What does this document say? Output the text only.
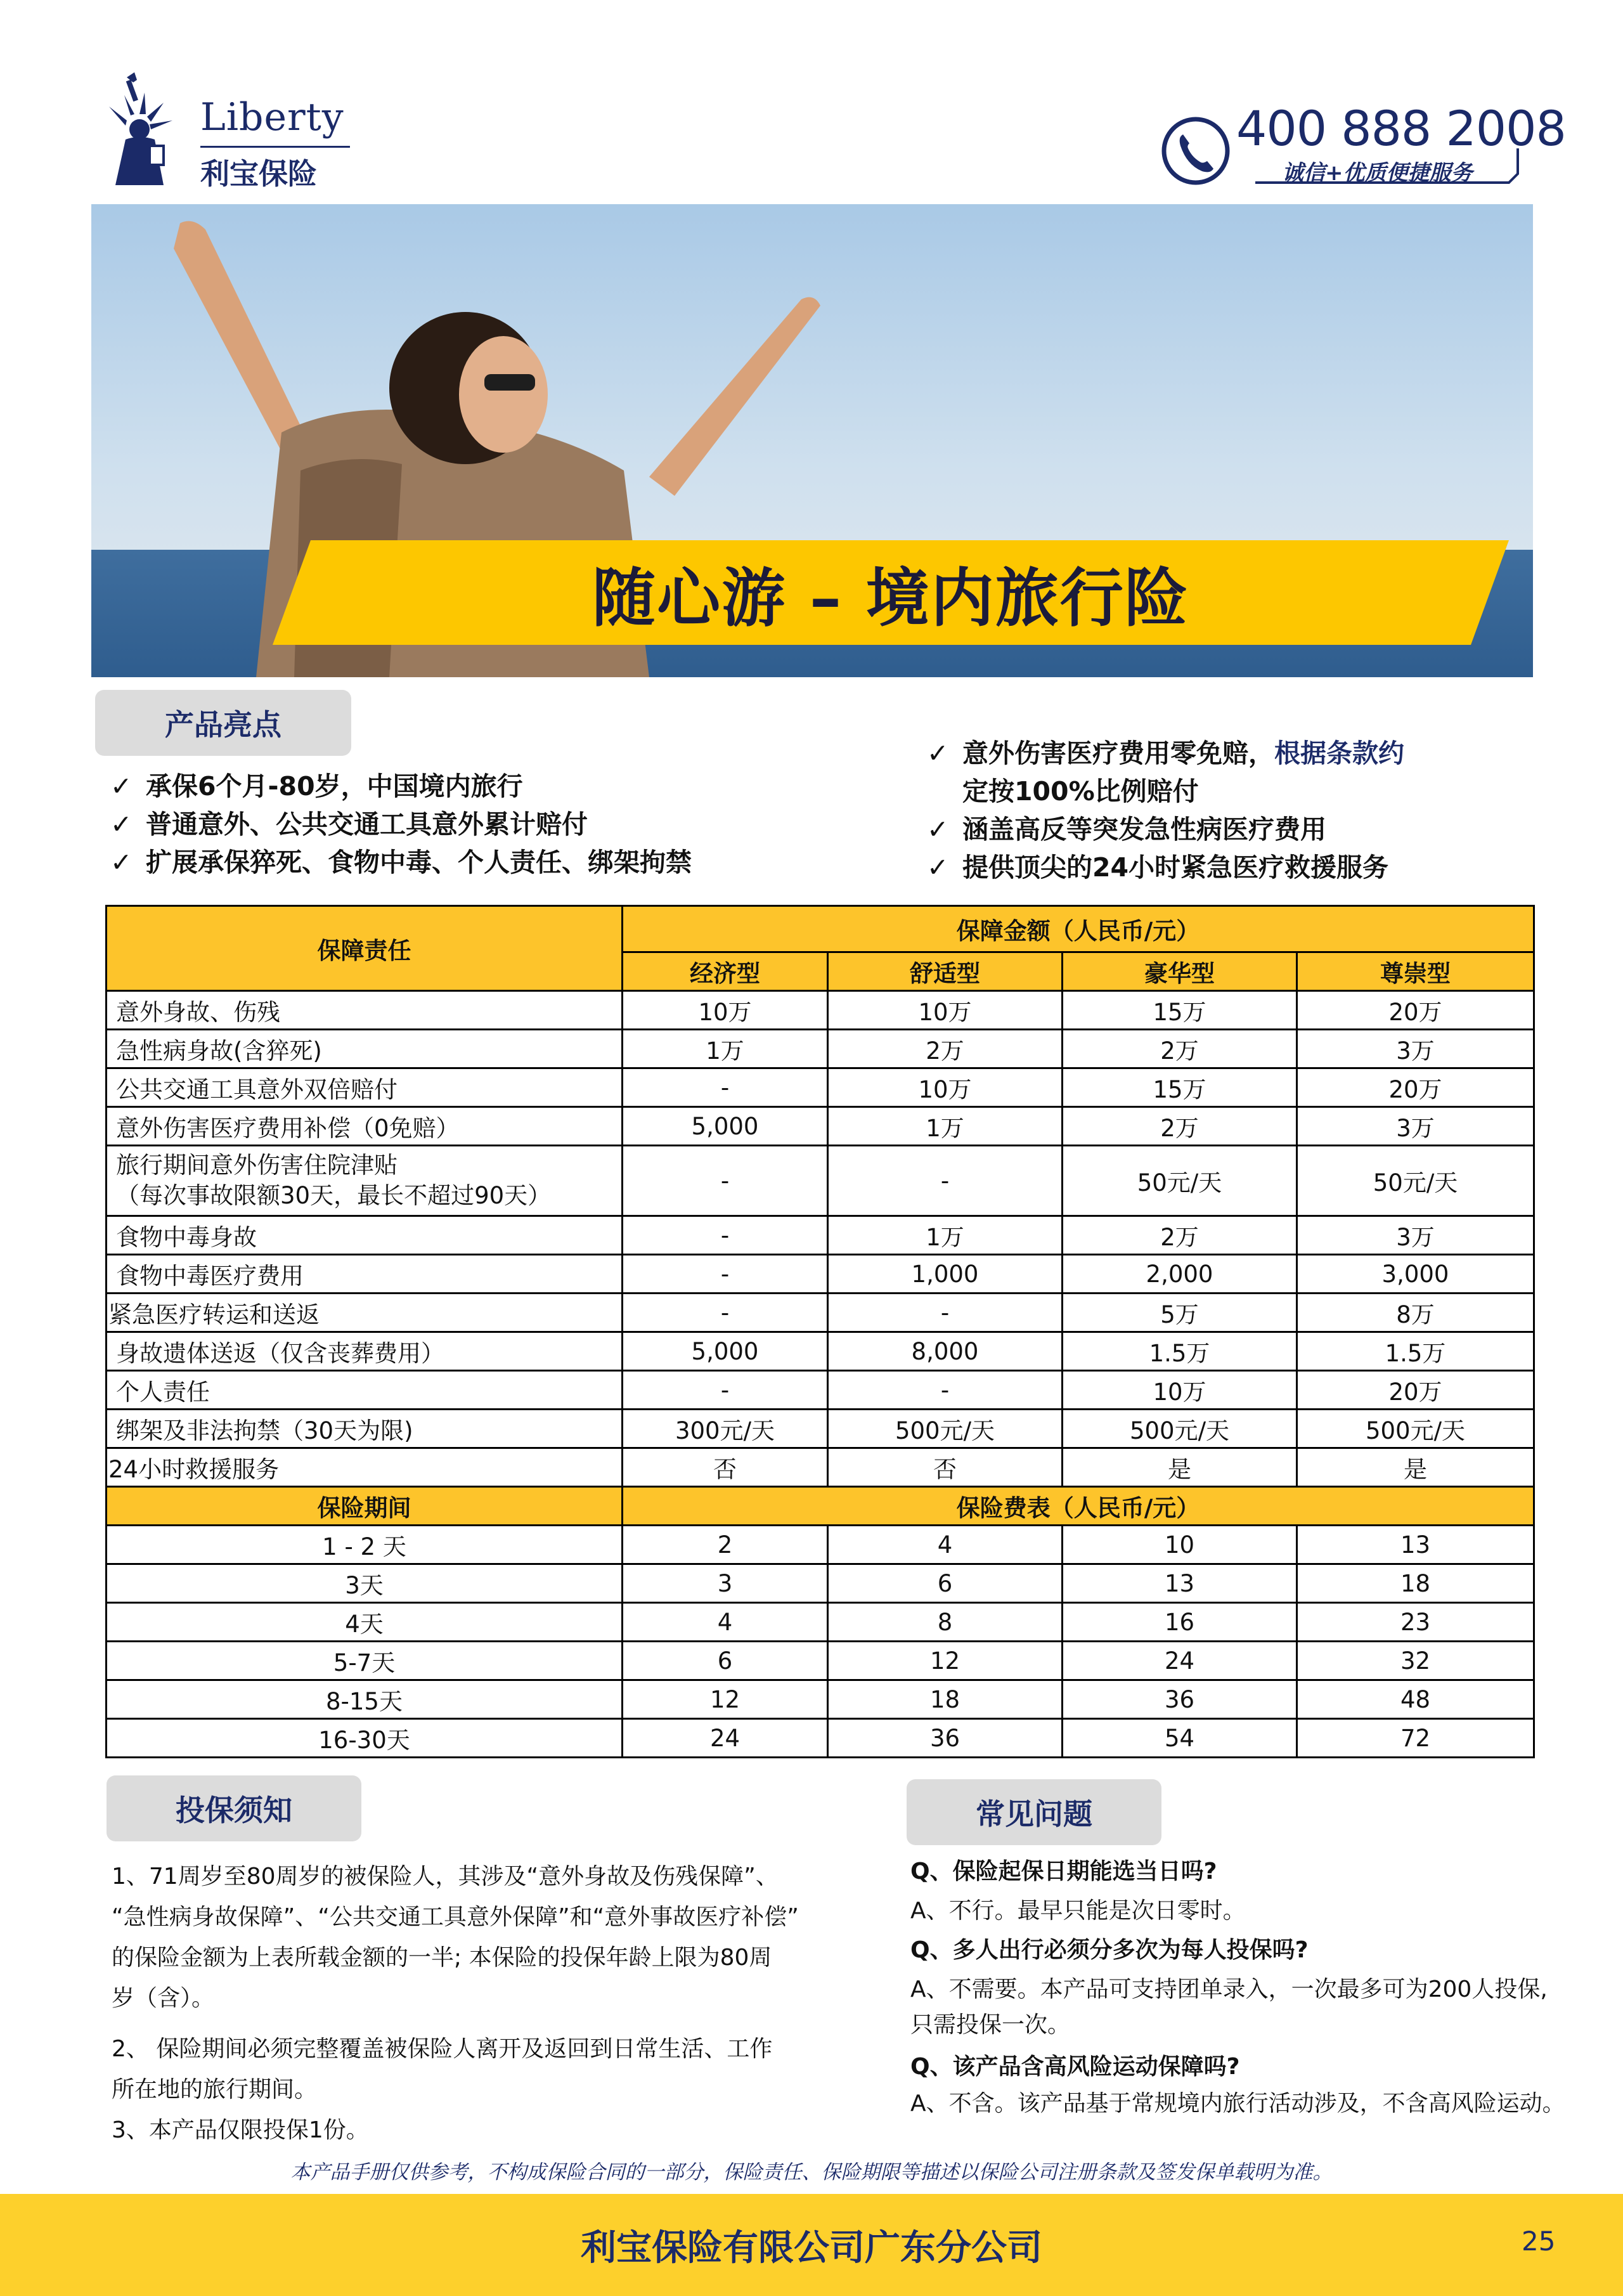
Liberty
利宝保险
400 888 2008
诚信+优质便捷服务
随心游 – 境内旅行险
产品亮点
✓ 承保6个月-80岁，中国境内旅行
✓ 普通意外、公共交通工具意外累计赔付
✓ 扩展承保猝死、食物中毒、个人责任、绑架拘禁
✓ 意外伤害医疗费用零免赔，根据条款约
定按100%比例赔付
✓ 涵盖高反等突发急性病医疗费用
✓ 提供顶尖的24小时紧急医疗救援服务
保障责任	保障金额（人民币/元）			
	经济型	舒适型	豪华型	尊崇型
意外身故、伤残	10万	10万	15万	20万
急性病身故(含猝死)	1万	2万	2万	3万
公共交通工具意外双倍赔付	-	10万	15万	20万
意外伤害医疗费用补偿（0免赔）	5,000	1万	2万	3万

旅行期间意外伤害住院津贴
（每次事故限额30天，最长不超过90天）	-	-	50元/天	50元/天
食物中毒身故	-	1万	2万	3万
食物中毒医疗费用	-	1,000	2,000	3,000
紧急医疗转运和送返	-	-	5万	8万
身故遗体送返（仅含丧葬费用）	5,000	8,000	1.5万	1.5万
个人责任	-	-	10万	20万
绑架及非法拘禁（30天为限)	300元/天	500元/天	500元/天	500元/天
24小时救援服务	否	否	是	是
保险期间	保险费表（人民币/元）			
1 - 2 天	2	4	10	13
3天	3	6	13	18
4天	4	8	16	23
5-7天	6	12	24	32
8-15天	12	18	36	48
16-30天	24	36	54	72
投保须知
1、71周岁至80周岁的被保险人，其涉及“意外身故及伤残保障”、
“急性病身故保障”、“公共交通工具意外保障”和“意外事故医疗补偿”
的保险金额为上表所载金额的一半; 本保险的投保年龄上限为80周
岁（含）。
2、 保险期间必须完整覆盖被保险人离开及返回到日常生活、工作
所在地的旅行期间。
3、本产品仅限投保1份。
常见问题
Q、保险起保日期能选当日吗?
A、不行。最早只能是次日零时。
Q、多人出行必须分多次为每人投保吗?
A、不需要。本产品可支持团单录入，一次最多可为200人投保,
只需投保一次。
Q、该产品含高风险运动保障吗?
A、不含。该产品基于常规境内旅行活动涉及，不含高风险运动。
本产品手册仅供参考，不构成保险合同的一部分，保险责任、保险期限等描述以保险公司注册条款及签发保单载明为准。
利宝保险有限公司广东分公司	25
